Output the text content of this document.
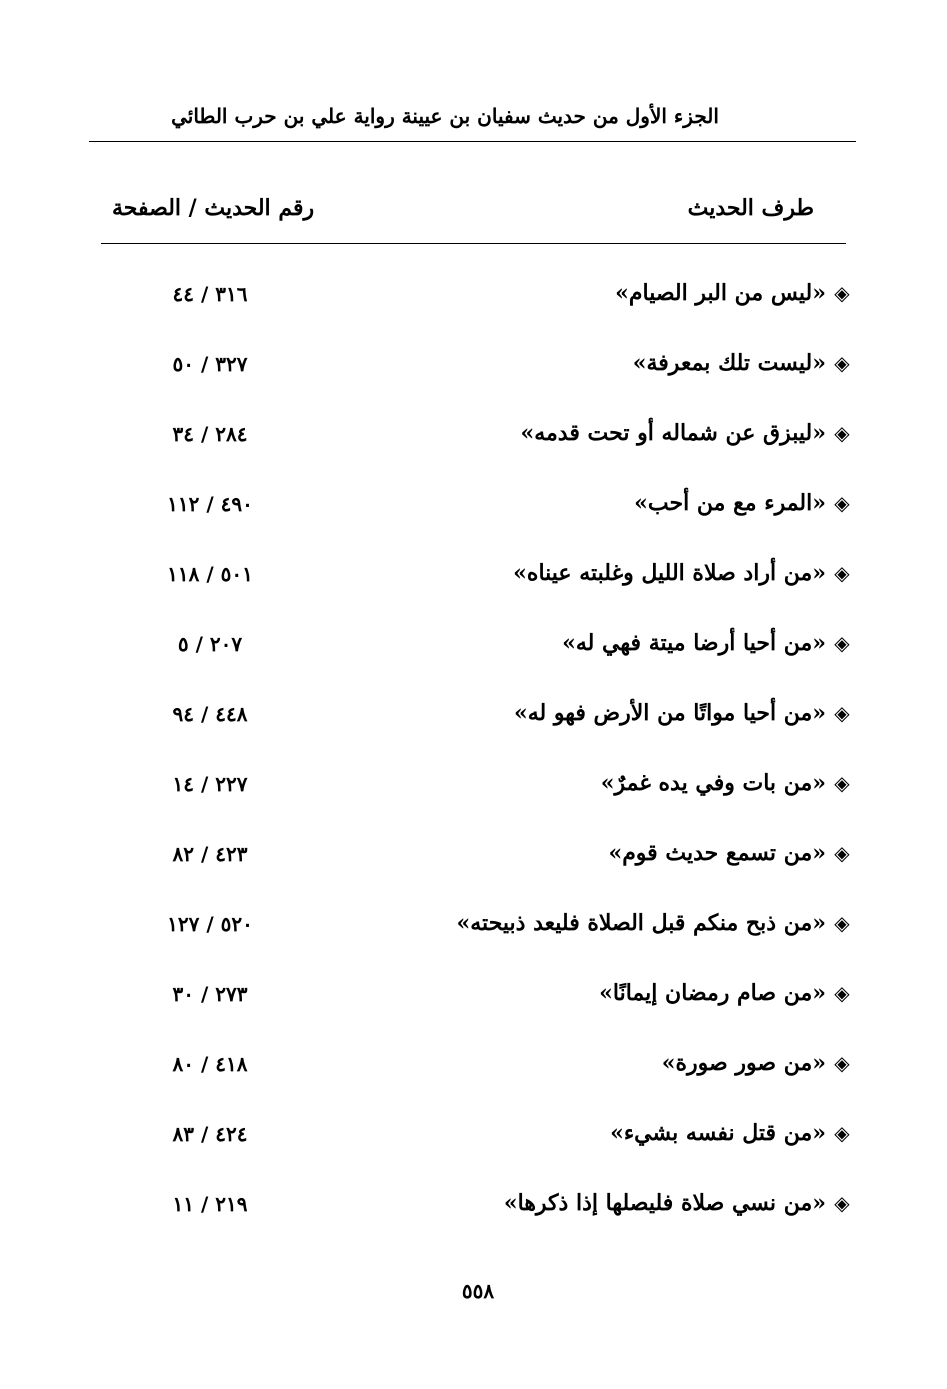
الجزء الأول من حديث سفيان بن عيينة رواية علي بن حرب الطائي
طرف الحديث
رقم الحديث / الصفحة
◈
«ليس من البر الصيام»
٣١٦ / ٤٤
◈
«ليست تلك بمعرفة»
٣٢٧ / ٥٠
◈
«ليبزق عن شماله أو تحت قدمه»
٢٨٤ / ٣٤
◈
«المرء مع من أحب»
٤٩٠ / ١١٢
◈
«من أراد صلاة الليل وغلبته عيناه»
٥٠١ / ١١٨
◈
«من أحيا أرضا ميتة فهي له»
٢٠٧ / ٥
◈
«من أحيا مواتًا من الأرض فهو له»
٤٤٨ / ٩٤
◈
«من بات وفي يده غمرٌ»
٢٢٧ / ١٤
◈
«من تسمع حديث قوم»
٤٢٣ / ٨٢
◈
«من ذبح منكم قبل الصلاة فليعد ذبيحته»
٥٢٠ / ١٢٧
◈
«من صام رمضان إيمانًا»
٢٧٣ / ٣٠
◈
«من صور صورة»
٤١٨ / ٨٠
◈
«من قتل نفسه بشيء»
٤٢٤ / ٨٣
◈
«من نسي صلاة فليصلها إذا ذكرها»
٢١٩ / ١١
٥٥٨
